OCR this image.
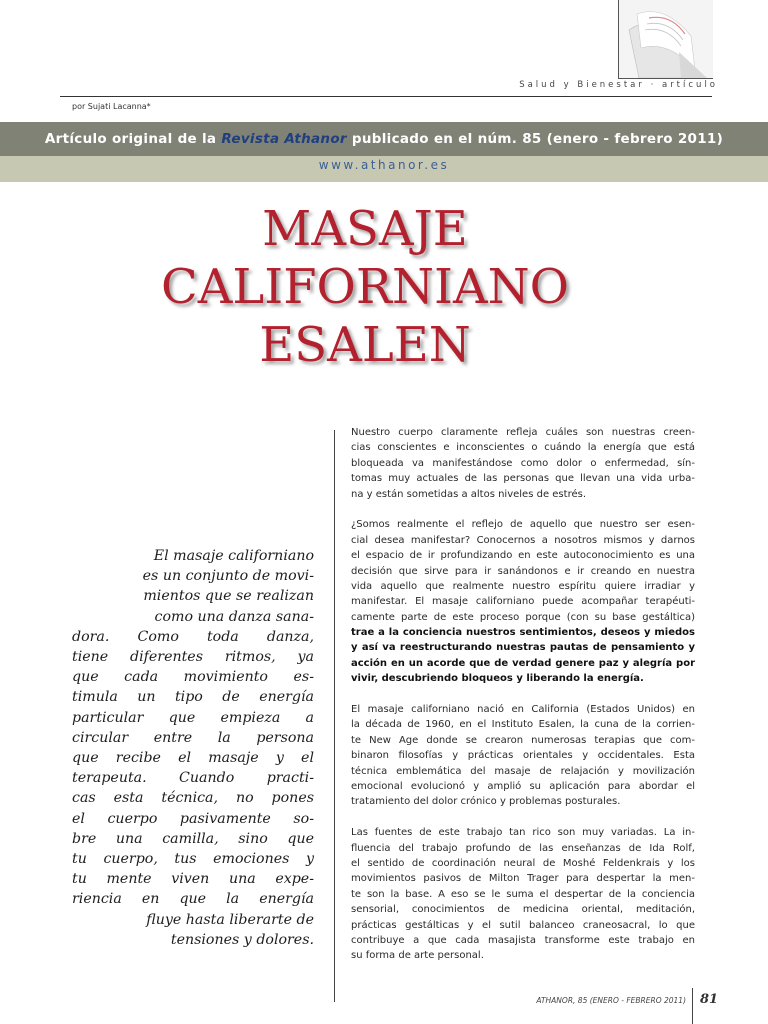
Salud y Bienestar · artículo
por Sujati Lacanna*
Artículo original de la Revista Athanor publicado en el núm. 85 (enero - febrero 2011)
www.athanor.es
MASAJE
CALIFORNIANO
ESALEN
El masaje californiano
es un conjunto de movi-
mientos que se realizan
como una danza sana-
dora. Como toda danza,
tiene diferentes ritmos, ya
que cada movimiento es-
timula un tipo de energía
particular que empieza a
circular entre la persona
que recibe el masaje y el
terapeuta. Cuando practi-
cas esta técnica, no pones
el cuerpo pasivamente so-
bre una camilla, sino que
tu cuerpo, tus emociones y
tu mente viven una expe-
riencia en que la energía
fluye hasta liberarte de
tensiones y dolores.
Nuestro cuerpo claramente refleja cuáles son nuestras creen-
cias conscientes e inconscientes o cuándo la energía que está
bloqueada va manifestándose como dolor o enfermedad, sín-
tomas muy actuales de las personas que llevan una vida urba-
na y están sometidas a altos niveles de estrés.
¿Somos realmente el reflejo de aquello que nuestro ser esen-
cial desea manifestar? Conocernos a nosotros mismos y darnos
el espacio de ir profundizando en este autoconocimiento es una
decisión que sirve para ir sanándonos e ir creando en nuestra
vida aquello que realmente nuestro espíritu quiere irradiar y
manifestar. El masaje californiano puede acompañar terapéuti-
camente parte de este proceso porque (con su base gestáltica)
trae a la conciencia nuestros sentimientos, deseos y miedos
y así va reestructurando nuestras pautas de pensamiento y
acción en un acorde que de verdad genere paz y alegría por
vivir, descubriendo bloqueos y liberando la energía.
El masaje californiano nació en California (Estados Unidos) en
la década de 1960, en el Instituto Esalen, la cuna de la corrien-
te New Age donde se crearon numerosas terapias que com-
binaron filosofías y prácticas orientales y occidentales. Esta
técnica emblemática del masaje de relajación y movilización
emocional evolucionó y amplió su aplicación para abordar el
tratamiento del dolor crónico y problemas posturales.
Las fuentes de este trabajo tan rico son muy variadas. La in-
fluencia del trabajo profundo de las enseñanzas de Ida Rolf,
el sentido de coordinación neural de Moshé Feldenkrais y los
movimientos pasivos de Milton Trager para despertar la men-
te son la base. A eso se le suma el despertar de la conciencia
sensorial, conocimientos de medicina oriental, meditación,
prácticas gestálticas y el sutil balanceo craneosacral, lo que
contribuye a que cada masajista transforme este trabajo en
su forma de arte personal.
ATHANOR, 85 (ENERO - FEBRERO 2011) 81
